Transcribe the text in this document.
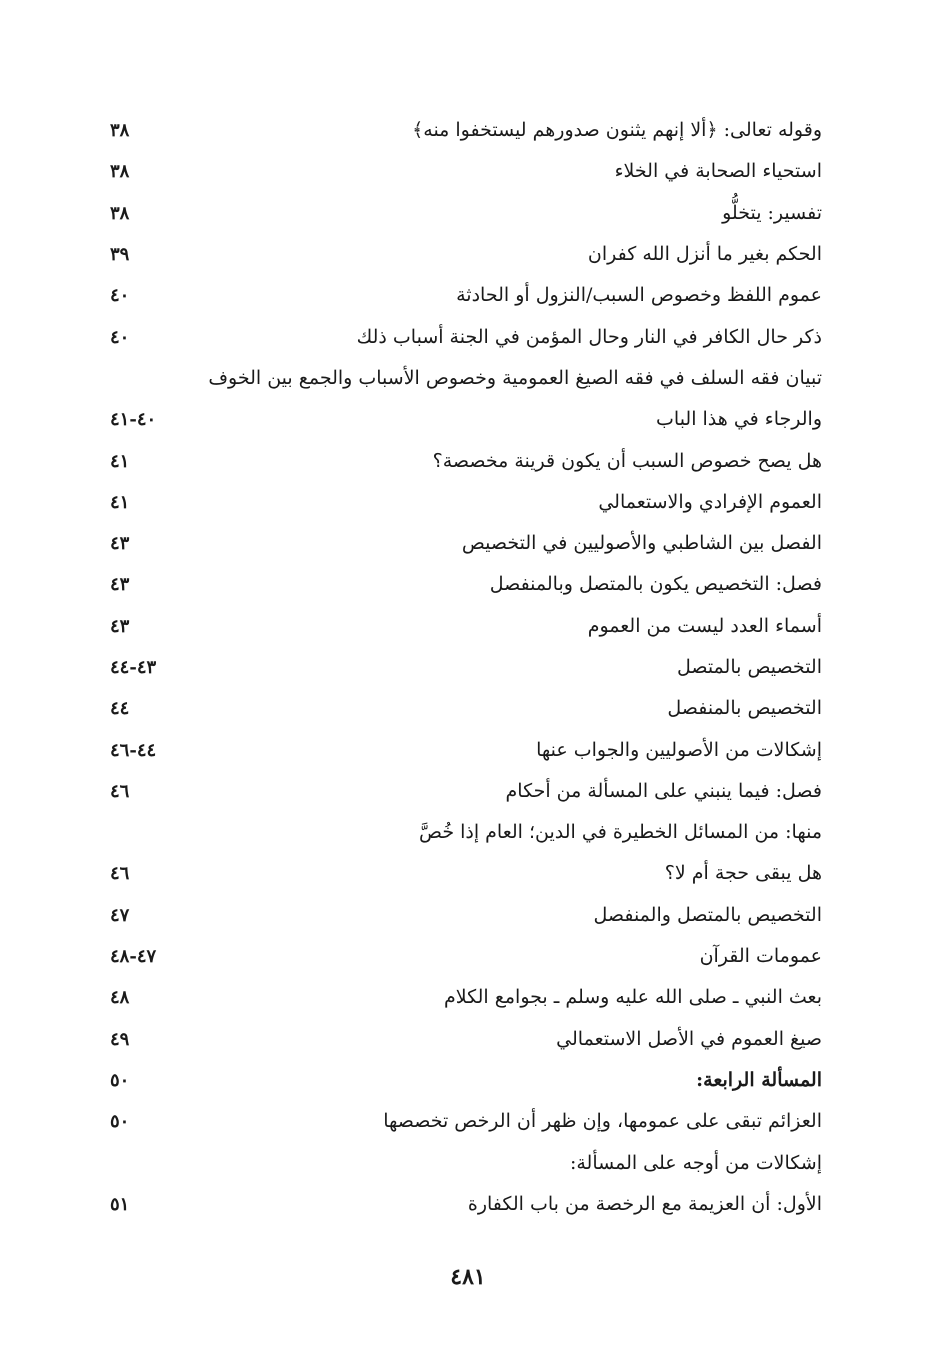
وقوله تعالى: ﴿ألا إنهم يثنون صدورهم ليستخفوا منه﴾
٣٨
استحياء الصحابة في الخلاء
٣٨
تفسير: يتخلُّو
٣٨
الحكم بغير ما أنزل الله كفران
٣٩
عموم اللفظ وخصوص السبب/النزول أو الحادثة
٤٠
ذكر حال الكافر في النار وحال المؤمن في الجنة أسباب ذلك
٤٠
تبيان فقه السلف في فقه الصيغ العمومية وخصوص الأسباب والجمع بين الخوف
والرجاء في هذا الباب
٤٠-٤١
هل يصح خصوص السبب أن يكون قرينة مخصصة؟
٤١
العموم الإفرادي والاستعمالي
٤١
الفصل بين الشاطبي والأصوليين في التخصيص
٤٣
فصل: التخصيص يكون بالمتصل وبالمنفصل
٤٣
أسماء العدد ليست من العموم
٤٣
التخصيص بالمتصل
٤٣-٤٤
التخصيص بالمنفصل
٤٤
إشكالات من الأصوليين والجواب عنها
٤٤-٤٦
فصل: فيما ينبني على المسألة من أحكام
٤٦
منها: من المسائل الخطيرة في الدين؛ العام إذا خُصَّ
هل يبقى حجة أم لا؟
٤٦
التخصيص بالمتصل والمنفصل
٤٧
عمومات القرآن
٤٧-٤٨
بعث النبي ـ صلى الله عليه وسلم ـ بجوامع الكلام
٤٨
صيغ العموم في الأصل الاستعمالي
٤٩
المسألة الرابعة:
٥٠
العزائم تبقى على عمومها، وإن ظهر أن الرخص تخصصها
٥٠
إشكالات من أوجه على المسألة:
الأول: أن العزيمة مع الرخصة من باب الكفارة
٥١
٤٨١
